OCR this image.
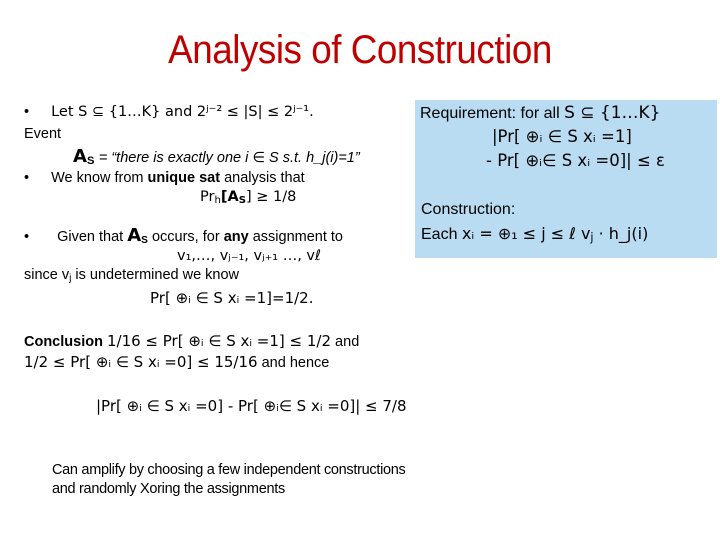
Analysis of Construction
• Let S ⊆ {1…K} and 2ʲ⁻² ≤ |S| ≤ 2ʲ⁻¹.
Event
$A_S$ = “there is exactly one i ∈ S s.t. h_j(i)=1”
• We know from unique sat analysis that
$Pr_h[A_S] \ge 1/8$
• Given that $A_S$ occurs, for any assignment to
v₁,…, vⱼ₋₁, vⱼ₊₁ …, vℓ
since $v_j$ is undetermined we know
Pr[ ⊕ᵢ ∈ S xᵢ =1]=1/2.
Requirement: for all S ⊆ {1…K}
|Pr[ ⊕ᵢ ∈ S xᵢ =1]
- Pr[ ⊕ᵢ∈ S xᵢ =0]| ≤ ε
Construction:
Each xᵢ = ⊕₁ ≤ j ≤ ℓ $v_j$ · h_j(i)
Conclusion 1/16 ≤ Pr[ ⊕ᵢ ∈ S xᵢ =1] ≤ 1/2 and
1/2 ≤ Pr[ ⊕ᵢ ∈ S xᵢ =0] ≤ 15/16 and hence
|Pr[ ⊕ᵢ ∈ S xᵢ =0] - Pr[ ⊕ᵢ∈ S xᵢ =0]| ≤ 7/8
Can amplify by choosing a few independent constructions
and randomly Xoring the assignments
